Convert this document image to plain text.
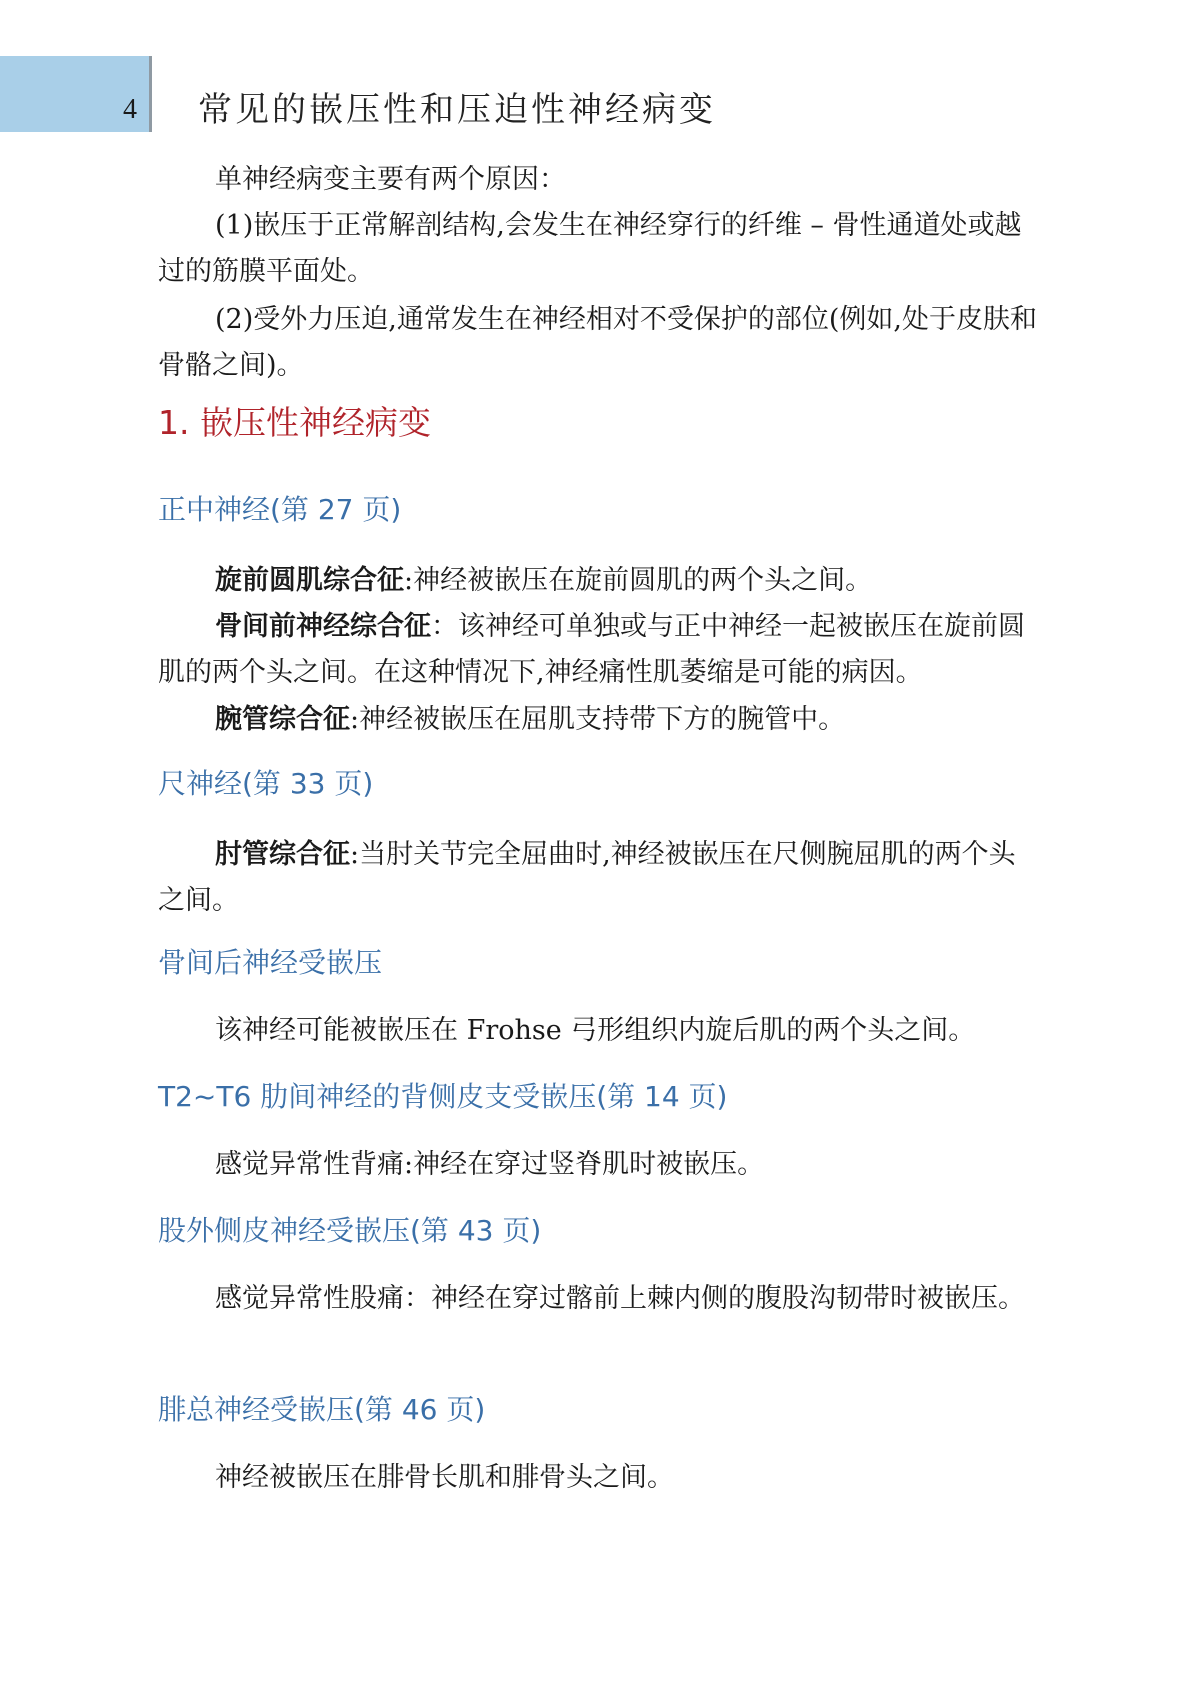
4 常见的嵌压性和压迫性神经病变

单神经病变主要有两个原因：

(1)嵌压于正常解剖结构,会发生在神经穿行的纤维 – 骨性通道处或越过的筋膜平面处。

(2)受外力压迫,通常发生在神经相对不受保护的部位(例如,处于皮肤和骨骼之间)。

1. 嵌压性神经病变
正中神经(第 27 页)

旋前圆肌综合征:神经被嵌压在旋前圆肌的两个头之间。

骨间前神经综合征：该神经可单独或与正中神经一起被嵌压在旋前圆肌的两个头之间。在这种情况下,神经痛性肌萎缩是可能的病因。

腕管综合征:神经被嵌压在屈肌支持带下方的腕管中。

尺神经(第 33 页)

肘管综合征:当肘关节完全屈曲时,神经被嵌压在尺侧腕屈肌的两个头之间。

骨间后神经受嵌压

该神经可能被嵌压在 Frohse 弓形组织内旋后肌的两个头之间。

T2~T6 肋间神经的背侧皮支受嵌压(第 14 页)

感觉异常性背痛:神经在穿过竖脊肌时被嵌压。

股外侧皮神经受嵌压(第 43 页)

感觉异常性股痛：神经在穿过髂前上棘内侧的腹股沟韧带时被嵌压。

腓总神经受嵌压(第 46 页)

神经被嵌压在腓骨长肌和腓骨头之间。
